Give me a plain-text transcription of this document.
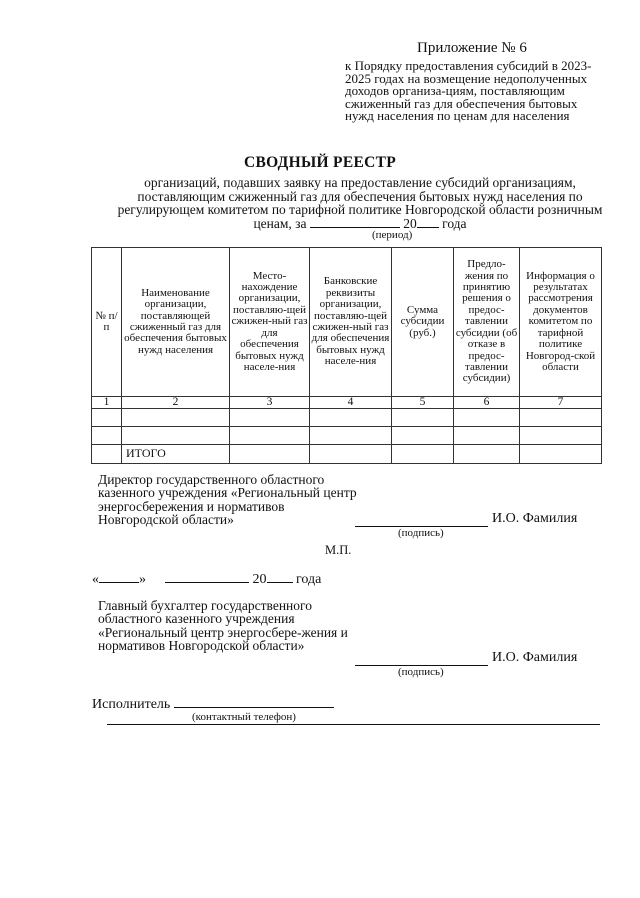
Приложение № 6
к Порядку предоставления субсидий в 2023-2025 годах на возмещение недополученных доходов организа-циям, поставляющим сжиженный газ для обеспечения бытовых нужд населения по ценам для населения
СВОДНЫЙ РЕЕСТР
организаций, подавших заявку на предоставление субсидий организациям, поставляющим сжиженный газ для обеспечения бытовых нужд населения по регулирующем комитетом по тарифной политике Новгородской области розничным ценам, за	20 года
(период)
№ п/п	Наименование организации, поставляющей сжиженный газ для обеспечения бытовых нужд населения	Место-нахождение организации, поставляю-щей сжижен-ный газ для обеспечения бытовых нужд населе-ния	Банковские реквизиты организации, поставляю-щей сжижен-ный газ для обеспечения бытовых нужд населе-ния	Сумма субсидии (руб.)	Предло-жения по принятию решения о предос-тавлении субсидии (об отказе в предос-тавлении субсидии)	Информация о результатах рассмотрения документов комитетом по тарифной политике Новгород-ской области
1	2	3	4	5	6	7

	ИТОГО					
Директор государственного областного казенного учреждения «Региональный центр энергосбережения и нормативов Новгородской области»	И.О. Фамилия
(подпись)
М.П.
«	»	20 года
Главный бухгалтер государственного областного казенного учреждения «Региональный центр энергосбере-жения и нормативов Новгородской области»
И.О. Фамилия
(подпись)
Исполнитель
(контактный телефон)
